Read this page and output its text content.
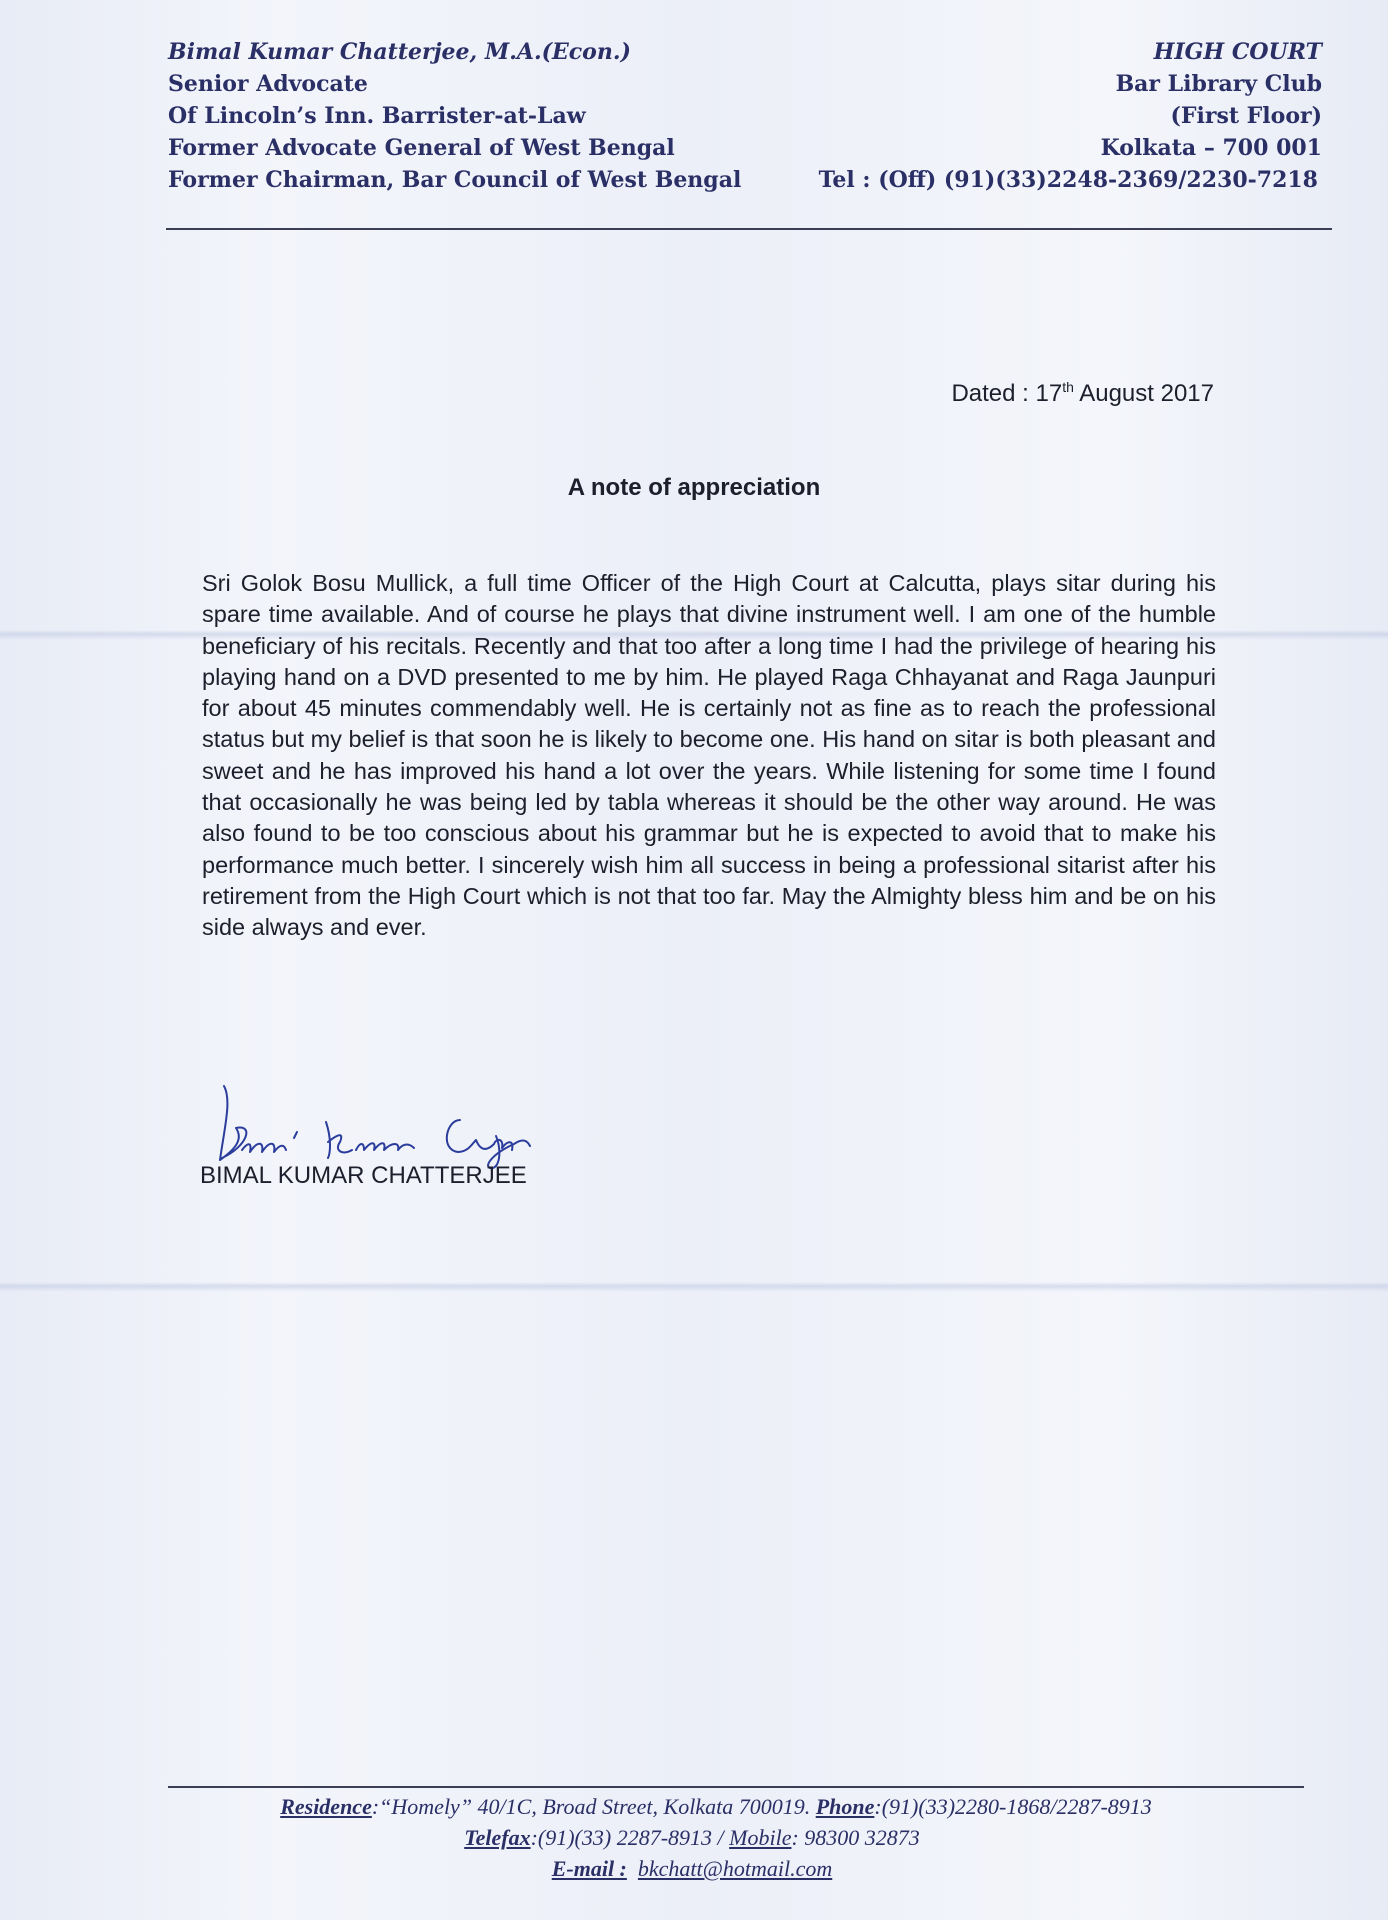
Bimal Kumar Chatterjee, M.A.(Econ.)
Senior Advocate
Of Lincoln’s Inn. Barrister-at-Law
Former Advocate General of West Bengal
Former Chairman, Bar Council of West Bengal
HIGH COURT
Bar Library Club
(First Floor)
Kolkata – 700 001
Tel : (Off) (91)(33)2248-2369/2230-7218
Dated : 17th August 2017
A note of appreciation
Sri Golok Bosu Mullick, a full time Officer of the High Court at Calcutta, plays sitar during his spare time available. And of course he plays that divine instrument well. I am one of the humble beneficiary of his recitals. Recently and that too after a long time I had the privilege of hearing his playing hand on a DVD presented to me by him. He played Raga Chhayanat and Raga Jaunpuri for about 45 minutes commendably well. He is certainly not as fine as to reach the professional status but my belief is that soon he is likely to become one. His hand on sitar is both pleasant and sweet and he has improved his hand a lot over the years. While listening for some time I found that occasionally he was being led by tabla whereas it should be the other way around. He was also found to be too conscious about his grammar but he is expected to avoid that to make his performance much better. I sincerely wish him all success in being a professional sitarist after his retirement from the High Court which is not that too far. May the Almighty bless him and be on his side always and ever.
BIMAL KUMAR CHATTERJEE
Residence:“Homely” 40/1C, Broad Street, Kolkata 700019. Phone:(91)(33)2280-1868/2287-8913
Telefax:(91)(33) 2287-8913 / Mobile: 98300 32873
E-mail : bkchatt@hotmail.com
